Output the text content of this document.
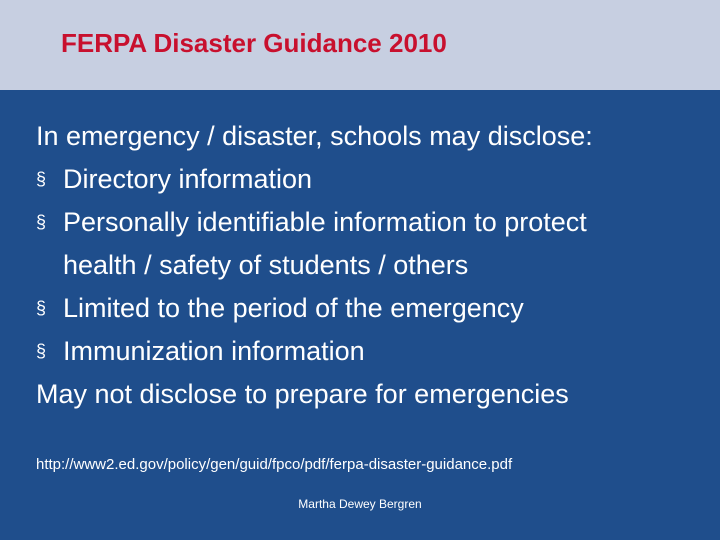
FERPA Disaster Guidance 2010
In emergency / disaster, schools may disclose:
§ Directory information
§ Personally identifiable information to protect
health / safety of students / others
§ Limited to the period of the emergency
§ Immunization information
May not disclose to prepare for emergencies
http://www2.ed.gov/policy/gen/guid/fpco/pdf/ferpa-disaster-guidance.pdf
Martha Dewey Bergren
